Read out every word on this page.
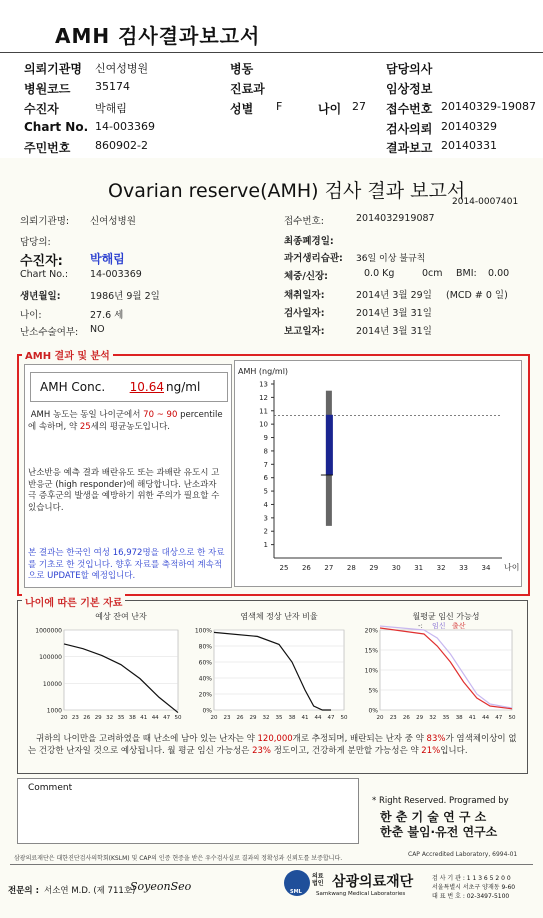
AMH 검사결과보고서
의뢰기관명 신여성병원	병동	담당의사
병원코드 35174	진료과	임상정보
수진자	박해림	성별 F	나이 27 접수번호 20140329-19087
Chart No. 14-003369	검사의뢰 20140329
주민번호 860902-2	결과보고 20140331
Ovarian reserve(AMH) 검사 결과 보고서
2014-0007401
의뢰기관명: 신여성병원
담당의:
수진자: 박해림
Chart No.: 14-003369
생년월일:	1986년 9월 2일
나이:	27.6 세
난소수술여부: NO
접수번호:	2014032919087
최종폐경일:
과거생리습관: 36일 이상 불규칙
체중/신장:	0.0 Kg	0cm BMI: 0.00
채취일자:	2014년 3월 29일 (MCD # 0 일)
검사일자:	2014년 3월 31일
보고일자:	2014년 3월 31일
AMH 결과 및 분석
AMH Conc.	10.64 ng/ml
AMH 농도는 동일 나이군에서 70 ~ 90 percentile에 속하며, 약 25세의 평균농도입니다.
난소반응 예측 결과 배란유도 또는 과배란 유도시 고반응군 (high responder)에 해당합니다. 난소과자극 증후군의 발생을 예방하기 위한 주의가 필요할 수 있습니다.
본 결과는 한국인 여성 16,972명을 대상으로 한 자료를 기초로 한 것입니다. 향후 자료를 축적하여 계속적으로 UPDATE할 예정입니다.
AMH (ng/ml)
1
2
3
4
5
6
7
8
9
10
11
12
13
25 26 27 28 29 30 31 32 33 34 나이
나이에 따른 기본 자료
예상 잔여 난자
1000000
100000
10000
1000
20 23 26 29 32 35 38 41 44 47 50
염색체 정상 난자 비율
100%
80%
60%
40%
20%
0%
20 23 26 29 32 35 38 41 44 47 50
월평균 임신 가능성
20%
15%
10%
5%
0%
20 23 26 29 32 35 38 41 44 47 50
-: 임신 출산
귀하의 나이만을 고려하였을 때 난소에 남아 있는 난자는 약 120,000개로 추정되며, 배란되는 난자 중 약 83%가 염색체이상이 없는 건강한 난자일 것으로 예상됩니다. 월 평균 임신 가능성은 23% 정도이고, 건강하게 분만할 가능성은 약 21%입니다.
Comment
* Right Reserved. Programed by
한 춘 기 술 연 구 소
한춘 불임·유전 연구소
삼광의료재단은 대한진단검사의학회(KSLM) 및 CAP의 인증 현증을 받은 우수검사실로 결과의 정확성과 신뢰도를 보증합니다.
CAP Accredited Laboratory, 6994-01
전문의 : 서소연 M.D. (제 711호)
SoyeonSeo	SML
의료
법인 삼광의료재단
Samkwang Medical Laboratories
검 사 기 관 : 1 1 3 6 5 2 0 0
서울특별시 서초구 양재동 9-60
대 표 번 호 : 02-3497-5100
